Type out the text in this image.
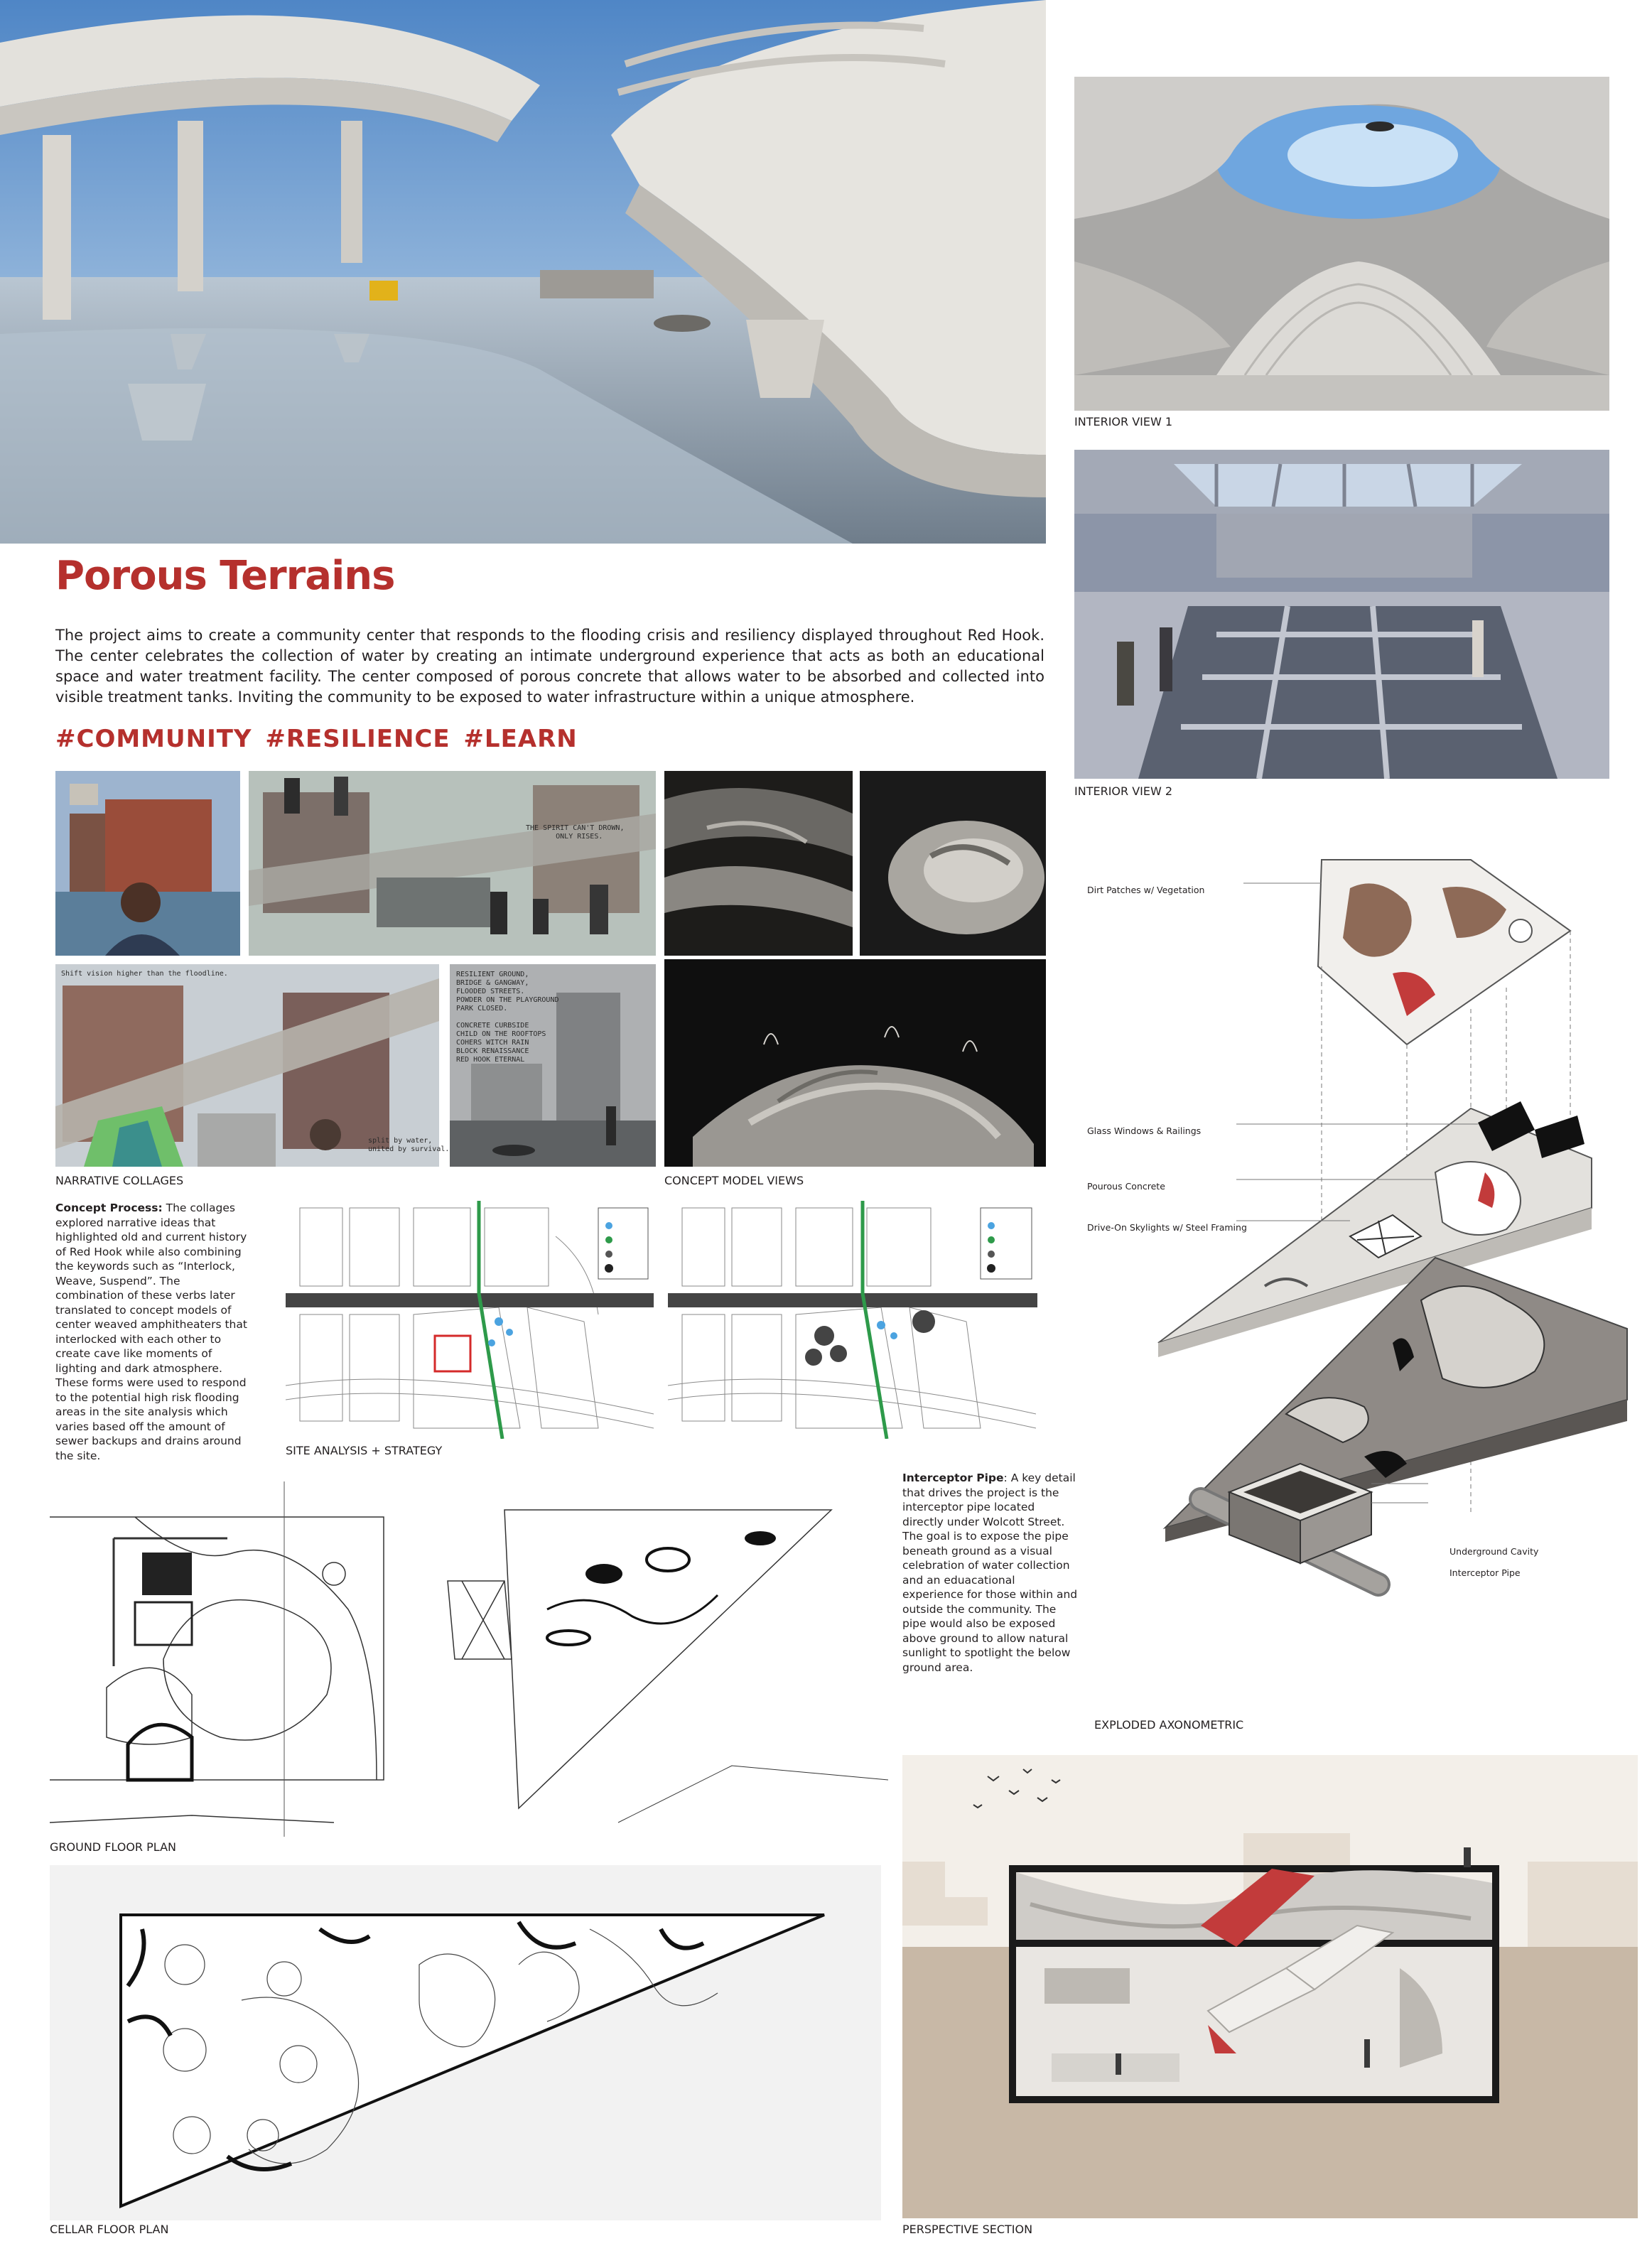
Porous Terrains

The project aims to create a community center that responds to the flooding crisis and resiliency displayed throughout Red Hook. The center celebrates the collection of water by creating an intimate underground experience that acts as both an educational space and water treatment facility. The center composed of porous concrete that allows water to be absorbed and collected into visible treatment tanks. Inviting the community to be exposed to water infrastructure within a unique atmosphere.

#COMMUNITY #RESILIENCE #LEARN

INTERIOR VIEW 1
INTERIOR VIEW 2
THE SPIRIT CAN'T DROWN,
ONLY RISES.
Shift vision higher than the floodline.
split by water,
united by survival.
RESILIENT GROUND,
BRIDGE & GANGWAY,
FLOODED STREETS.
POWDER ON THE PLAYGROUND
PARK CLOSED.

CONCRETE CURBSIDE
CHILD ON THE ROOFTOPS
COHERS WITCH RAIN
BLOCK RENAISSANCE
RED HOOK ETERNAL
NARRATIVE COLLAGES	CONCEPT MODEL VIEWS

Concept Process: The collages explored narrative ideas that highlighted old and current history of Red Hook while also combining the keywords such as “Interlock, Weave, Suspend”. The combination of these verbs later translated to concept models of center weaved amphitheaters that interlocked with each other to create cave like moments of lighting and dark atmosphere. These forms were used to respond to the potential high risk flooding areas in the site analysis which varies based off the amount of sewer backups and drains around the site.	SITE ANALYSIS + STRATEGY
GROUND FLOOR PLAN
CELLAR FLOOR PLAN

Interceptor Pipe: A key detail that drives the project is the interceptor pipe located directly under Wolcott Street. The goal is to expose the pipe beneath ground as a visual celebration of water collection and an eduacational experience for those within and outside the community. The pipe would also be exposed above ground to allow natural sunlight to spotlight the below ground area.

Dirt Patches w/ Vegetation
Glass Windows & Railings
Pourous Concrete
Drive-On Skylights w/ Steel Framing
Underground Cavity
Interceptor Pipe
EXPLODED AXONOMETRIC
PERSPECTIVE SECTION
